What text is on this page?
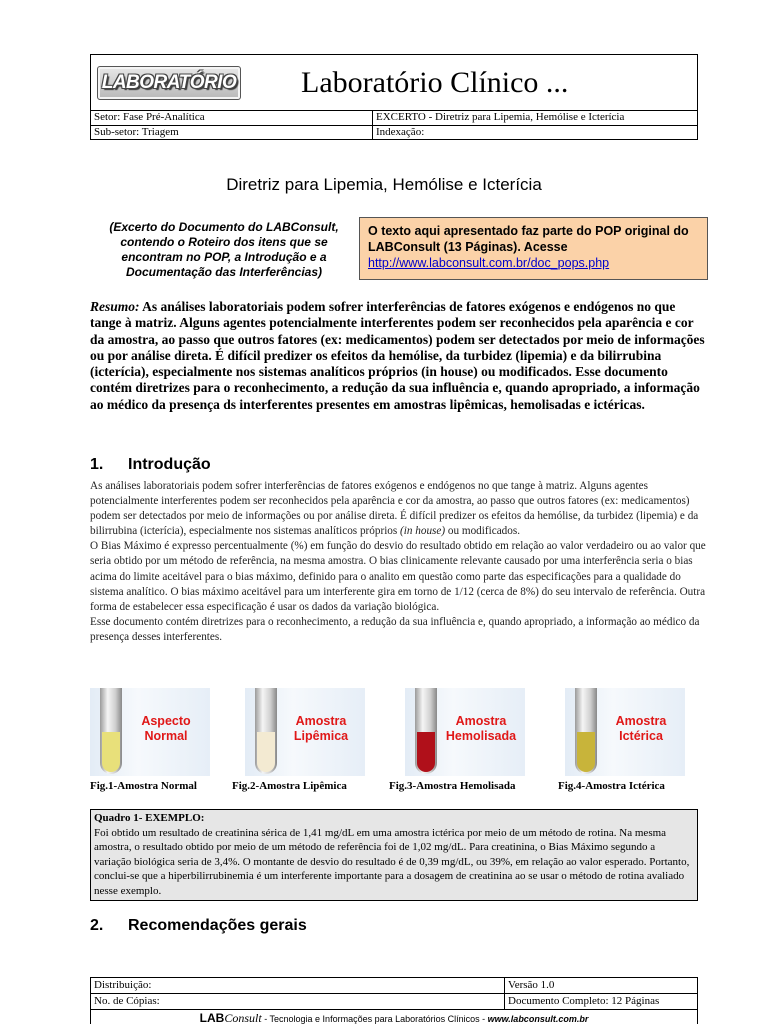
LABORATÓRIO	Laboratório Clínico ...
Setor: Fase Pré-Analítica	EXCERTO - Diretriz para Lipemia, Hemólise e Icterícia
Sub-setor: Triagem	Indexação:
Diretriz para Lipemia, Hemólise e Icterícia
(Excerto do Documento do LABConsult, contendo o Roteiro dos itens que se encontram no POP, a Introdução e a Documentação das Interferências)
O texto aqui apresentado faz parte do POP original do LABConsult (13 Páginas). Acesse
http://www.labconsult.com.br/doc_pops.php
Resumo: As análises laboratoriais podem sofrer interferências de fatores exógenos e endógenos no que tange à matriz. Alguns agentes potencialmente interferentes podem ser reconhecidos pela aparência e cor da amostra, ao passo que outros fatores (ex: medicamentos) podem ser detectados por meio de informações ou por análise direta. É difícil predizer os efeitos da hemólise, da turbidez (lipemia) e da bilirrubina (icterícia), especialmente nos sistemas analíticos próprios (in house) ou modificados. Esse documento contém diretrizes para o reconhecimento, a redução da sua influência e, quando apropriado, a informação ao médico da presença ds interferentes presentes em amostras lipêmicas, hemolisadas e ictéricas.
1. Introdução

As análises laboratoriais podem sofrer interferências de fatores exógenos e endógenos no que tange à matriz. Alguns agentes potencialmente interferentes podem ser reconhecidos pela aparência e cor da amostra, ao passo que outros fatores (ex: medicamentos) podem ser detectados por meio de informações ou por análise direta. É difícil predizer os efeitos da hemólise, da turbidez (lipemia) e da bilirrubina (icterícia), especialmente nos sistemas analíticos próprios (in house) ou modificados.

O Bias Máximo é expresso percentualmente (%) em função do desvio do resultado obtido em relação ao valor verdadeiro ou ao valor que seria obtido por um método de referência, na mesma amostra. O bias clinicamente relevante causado por uma interferência seria o bias acima do limite aceitável para o bias máximo, definido para o analito em questão como parte das especificações para a qualidade do sistema analítico. O bias máximo aceitável para um interferente gira em torno de 1/12 (cerca de 8%) do seu intervalo de referência. Outra forma de estabelecer essa especificação é usar os dados da variação biológica.

Esse documento contém diretrizes para o reconhecimento, a redução da sua influência e, quando apropriado, a informação ao médico da presença desses interferentes.

Aspecto
Normal
Amostra
Lipêmica
Amostra
Hemolisada
Amostra
Ictérica
Fig.1-Amostra Normal	Fig.2-Amostra Lipêmica	Fig.3-Amostra Hemolisada	Fig.4-Amostra Ictérica
Quadro 1- EXEMPLO:
Foi obtido um resultado de creatinina sérica de 1,41 mg/dL em uma amostra ictérica por meio de um método de rotina. Na mesma amostra, o resultado obtido por meio de um método de referência foi de 1,02 mg/dL. Para creatinina, o Bias Máximo segundo a variação biológica seria de 3,4%. O montante de desvio do resultado é de 0,39 mg/dL, ou 39%, em relação ao valor esperado. Portanto, conclui-se que a hiperbilirrubinemia é um interferente importante para a dosagem de creatinina ao se usar o método de rotina avaliado nesse exemplo.
2. Recomendações gerais
Distribuição:	Versão 1.0
No. de Cópias:	Documento Completo: 12 Páginas
LABConsult - Tecnologia e Informações para Laboratórios Clínicos - www.labconsult.com.br
